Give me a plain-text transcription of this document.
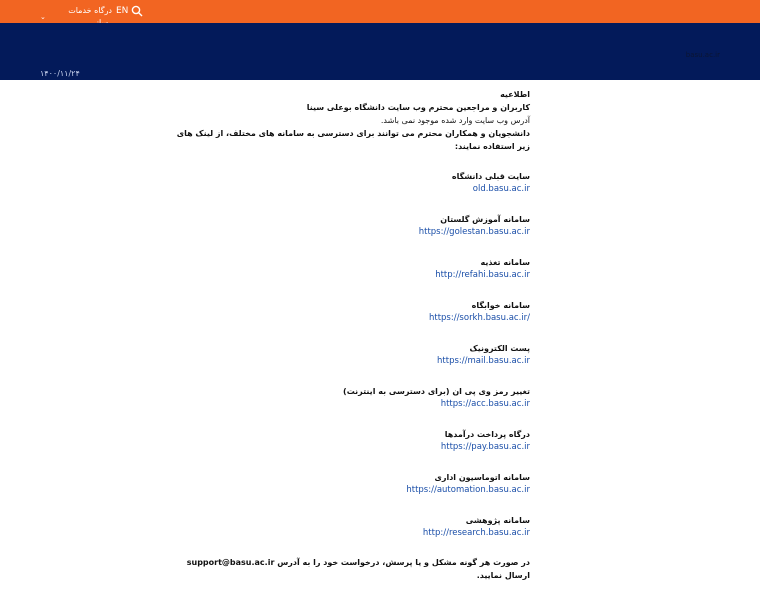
EN
درگاه خدمات
⌄
۱۴۰۰/۱۱/۲۴
basu.ac.ir
اطلاعیه
کاربران و مراجعین محترم وب سایت دانشگاه بوعلی سینا
آدرس وب سایت وارد شده موجود نمی باشد.
دانشجویان و همکاران محترم می توانند برای دسترسی به سامانه های مختلف، از لینک های زیر استفاده نمایند:
سایت قبلی دانشگاه
old.basu.ac.ir
سامانه آموزش گلستان
https://golestan.basu.ac.ir
سامانه تغذیه
http://refahi.basu.ac.ir
سامانه خوابگاه
https://sorkh.basu.ac.ir/
پست الکترونیک
https://mail.basu.ac.ir
تغییر رمز وی پی ان (برای دسترسی به اینترنت)
https://acc.basu.ac.ir
درگاه پرداخت درآمدها
https://pay.basu.ac.ir
سامانه اتوماسیون اداری
https://automation.basu.ac.ir
سامانه پژوهشی
http://research.basu.ac.ir
در صورت هر گونه مشکل و یا پرسش، درخواست خود را به آدرس support@basu.ac.ir ارسال نمایید.
